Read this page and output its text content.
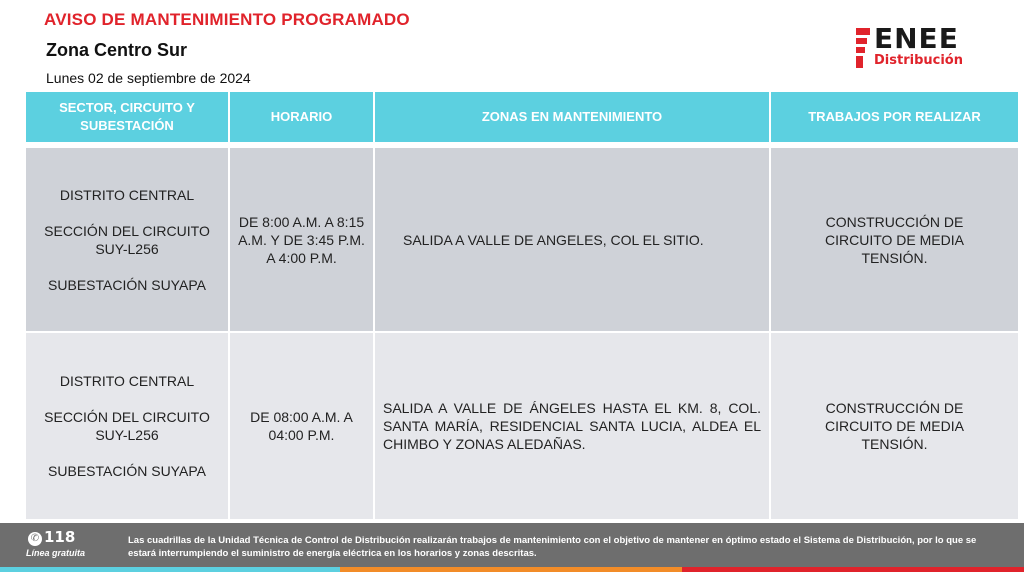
AVISO DE MANTENIMIENTO PROGRAMADO
Zona Centro Sur
Lunes 02 de septiembre de 2024
ENEE
Distribución
SECTOR, CIRCUITO Y SUBESTACIÓN	HORARIO	ZONAS EN MANTENIMIENTO	TRABAJOS POR REALIZAR

DISTRITO CENTRAL
SECCIÓN DEL CIRCUITO SUY-L256
SUBESTACIÓN SUYAPA	DE 8:00 A.M. A 8:15 A.M. Y DE 3:45 P.M. A 4:00 P.M.	SALIDA A VALLE DE ANGELES, COL EL SITIO.	CONSTRUCCIÓN DE CIRCUITO DE MEDIA TENSIÓN.

DISTRITO CENTRAL
SECCIÓN DEL CIRCUITO SUY-L256
SUBESTACIÓN SUYAPA	DE 08:00 A.M. A 04:00 P.M.	SALIDA A VALLE DE ÁNGELES HASTA EL KM. 8, COL. SANTA MARÍA, RESIDENCIAL SANTA LUCIA, ALDEA EL CHIMBO Y ZONAS ALEDAÑAS.	CONSTRUCCIÓN DE CIRCUITO DE MEDIA TENSIÓN.
✆ 118
Línea gratuita
Las cuadrillas de la Unidad Técnica de Control de Distribución realizarán trabajos de mantenimiento con el objetivo de mantener en óptimo estado el Sistema de Distribución, por lo que se estará interrumpiendo el suministro de energía eléctrica en los horarios y zonas descritas.
